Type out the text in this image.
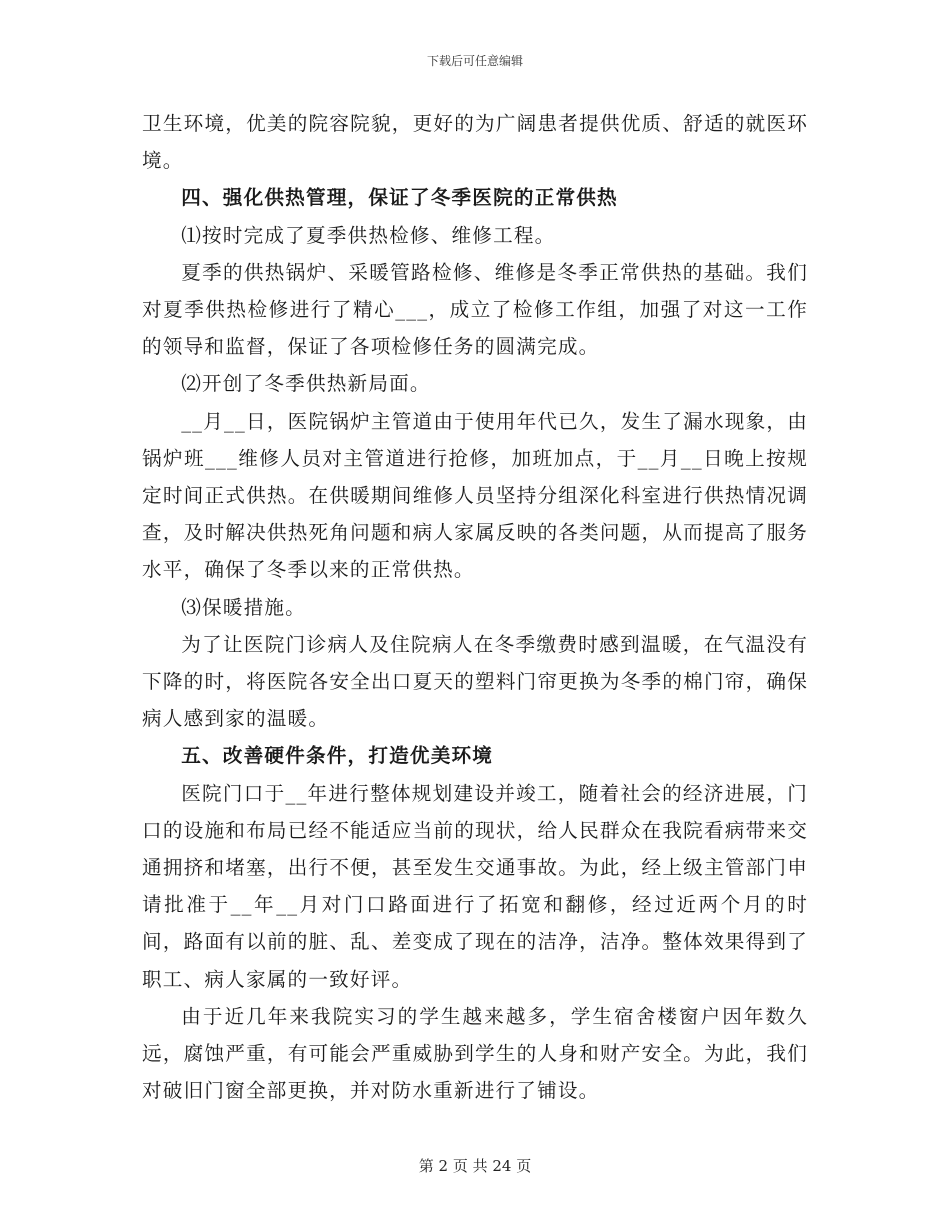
下载后可任意编辑

卫生环境，优美的院容院貌，更好的为广阔患者提供优质、舒适的就医环境。

四、强化供热管理，保证了冬季医院的正常供热

⑴按时完成了夏季供热检修、维修工程。

夏季的供热锅炉、采暖管路检修、维修是冬季正常供热的基础。我们对夏季供热检修进行了精心___，成立了检修工作组，加强了对这一工作的领导和监督，保证了各项检修任务的圆满完成。

⑵开创了冬季供热新局面。

__月__日，医院锅炉主管道由于使用年代已久，发生了漏水现象，由锅炉班___维修人员对主管道进行抢修，加班加点，于__月__日晚上按规定时间正式供热。在供暖期间维修人员坚持分组深化科室进行供热情况调查，及时解决供热死角问题和病人家属反映的各类问题，从而提高了服务水平，确保了冬季以来的正常供热。

⑶保暖措施。

为了让医院门诊病人及住院病人在冬季缴费时感到温暖，在气温没有下降的时，将医院各安全出口夏天的塑料门帘更换为冬季的棉门帘，确保病人感到家的温暖。

五、改善硬件条件，打造优美环境

医院门口于__年进行整体规划建设并竣工，随着社会的经济进展，门口的设施和布局已经不能适应当前的现状，给人民群众在我院看病带来交通拥挤和堵塞，出行不便，甚至发生交通事故。为此，经上级主管部门申请批准于__年__月对门口路面进行了拓宽和翻修，经过近两个月的时间，路面有以前的脏、乱、差变成了现在的洁净，洁净。整体效果得到了职工、病人家属的一致好评。

由于近几年来我院实习的学生越来越多，学生宿舍楼窗户因年数久远，腐蚀严重，有可能会严重威胁到学生的人身和财产安全。为此，我们对破旧门窗全部更换，并对防水重新进行了铺设。

第 2 页 共 24 页
